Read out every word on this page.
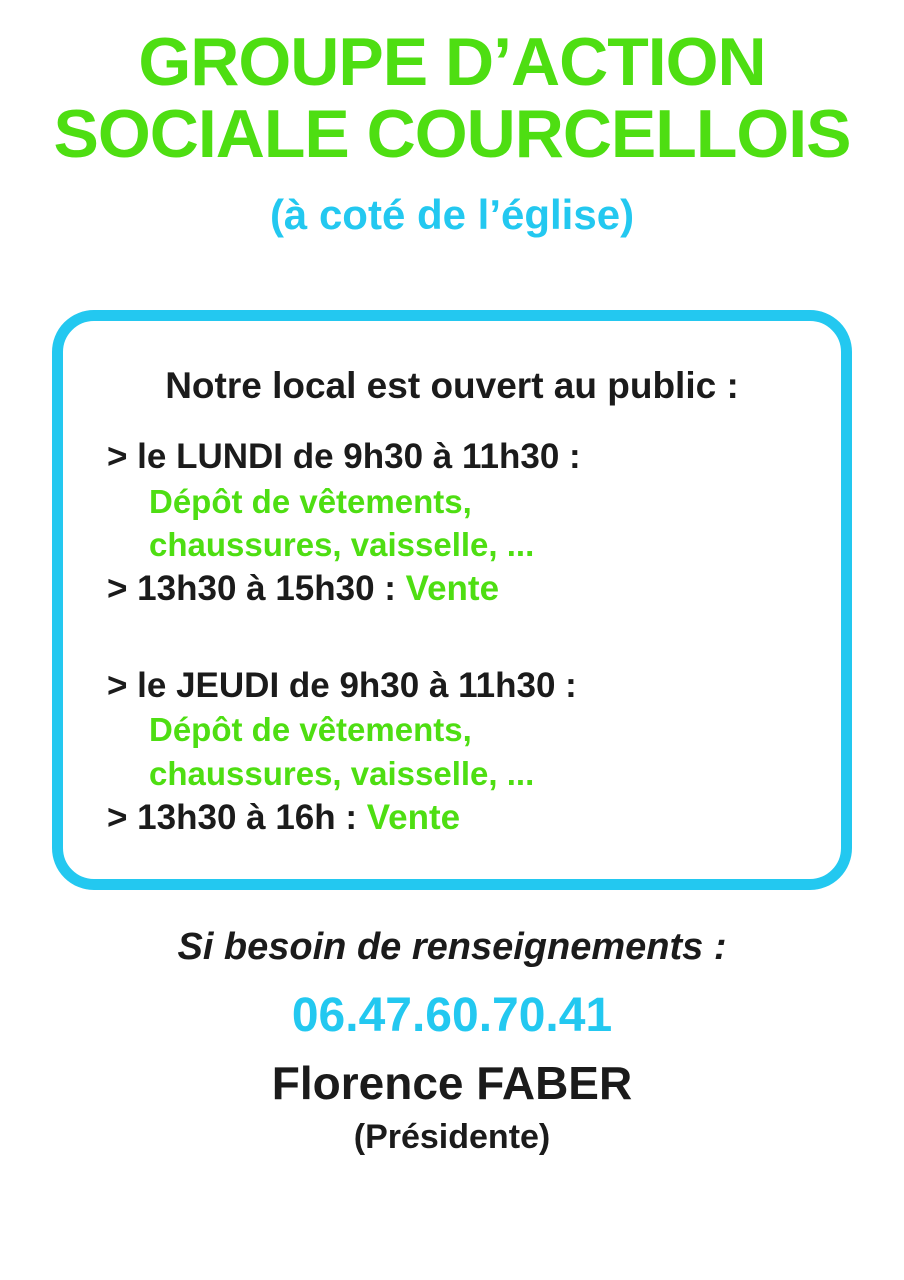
GROUPE D’ACTION
SOCIALE COURCELLOIS
(à coté de l’église)
Notre local est ouvert au public :
> le LUNDI de 9h30 à 11h30 :
Dépôt de vêtements,
chaussures, vaisselle, ...
> 13h30 à 15h30 : Vente
> le JEUDI de 9h30 à 11h30 :
Dépôt de vêtements,
chaussures, vaisselle, ...
> 13h30 à 16h : Vente
Si besoin de renseignements :
06.47.60.70.41
Florence FABER
(Présidente)
